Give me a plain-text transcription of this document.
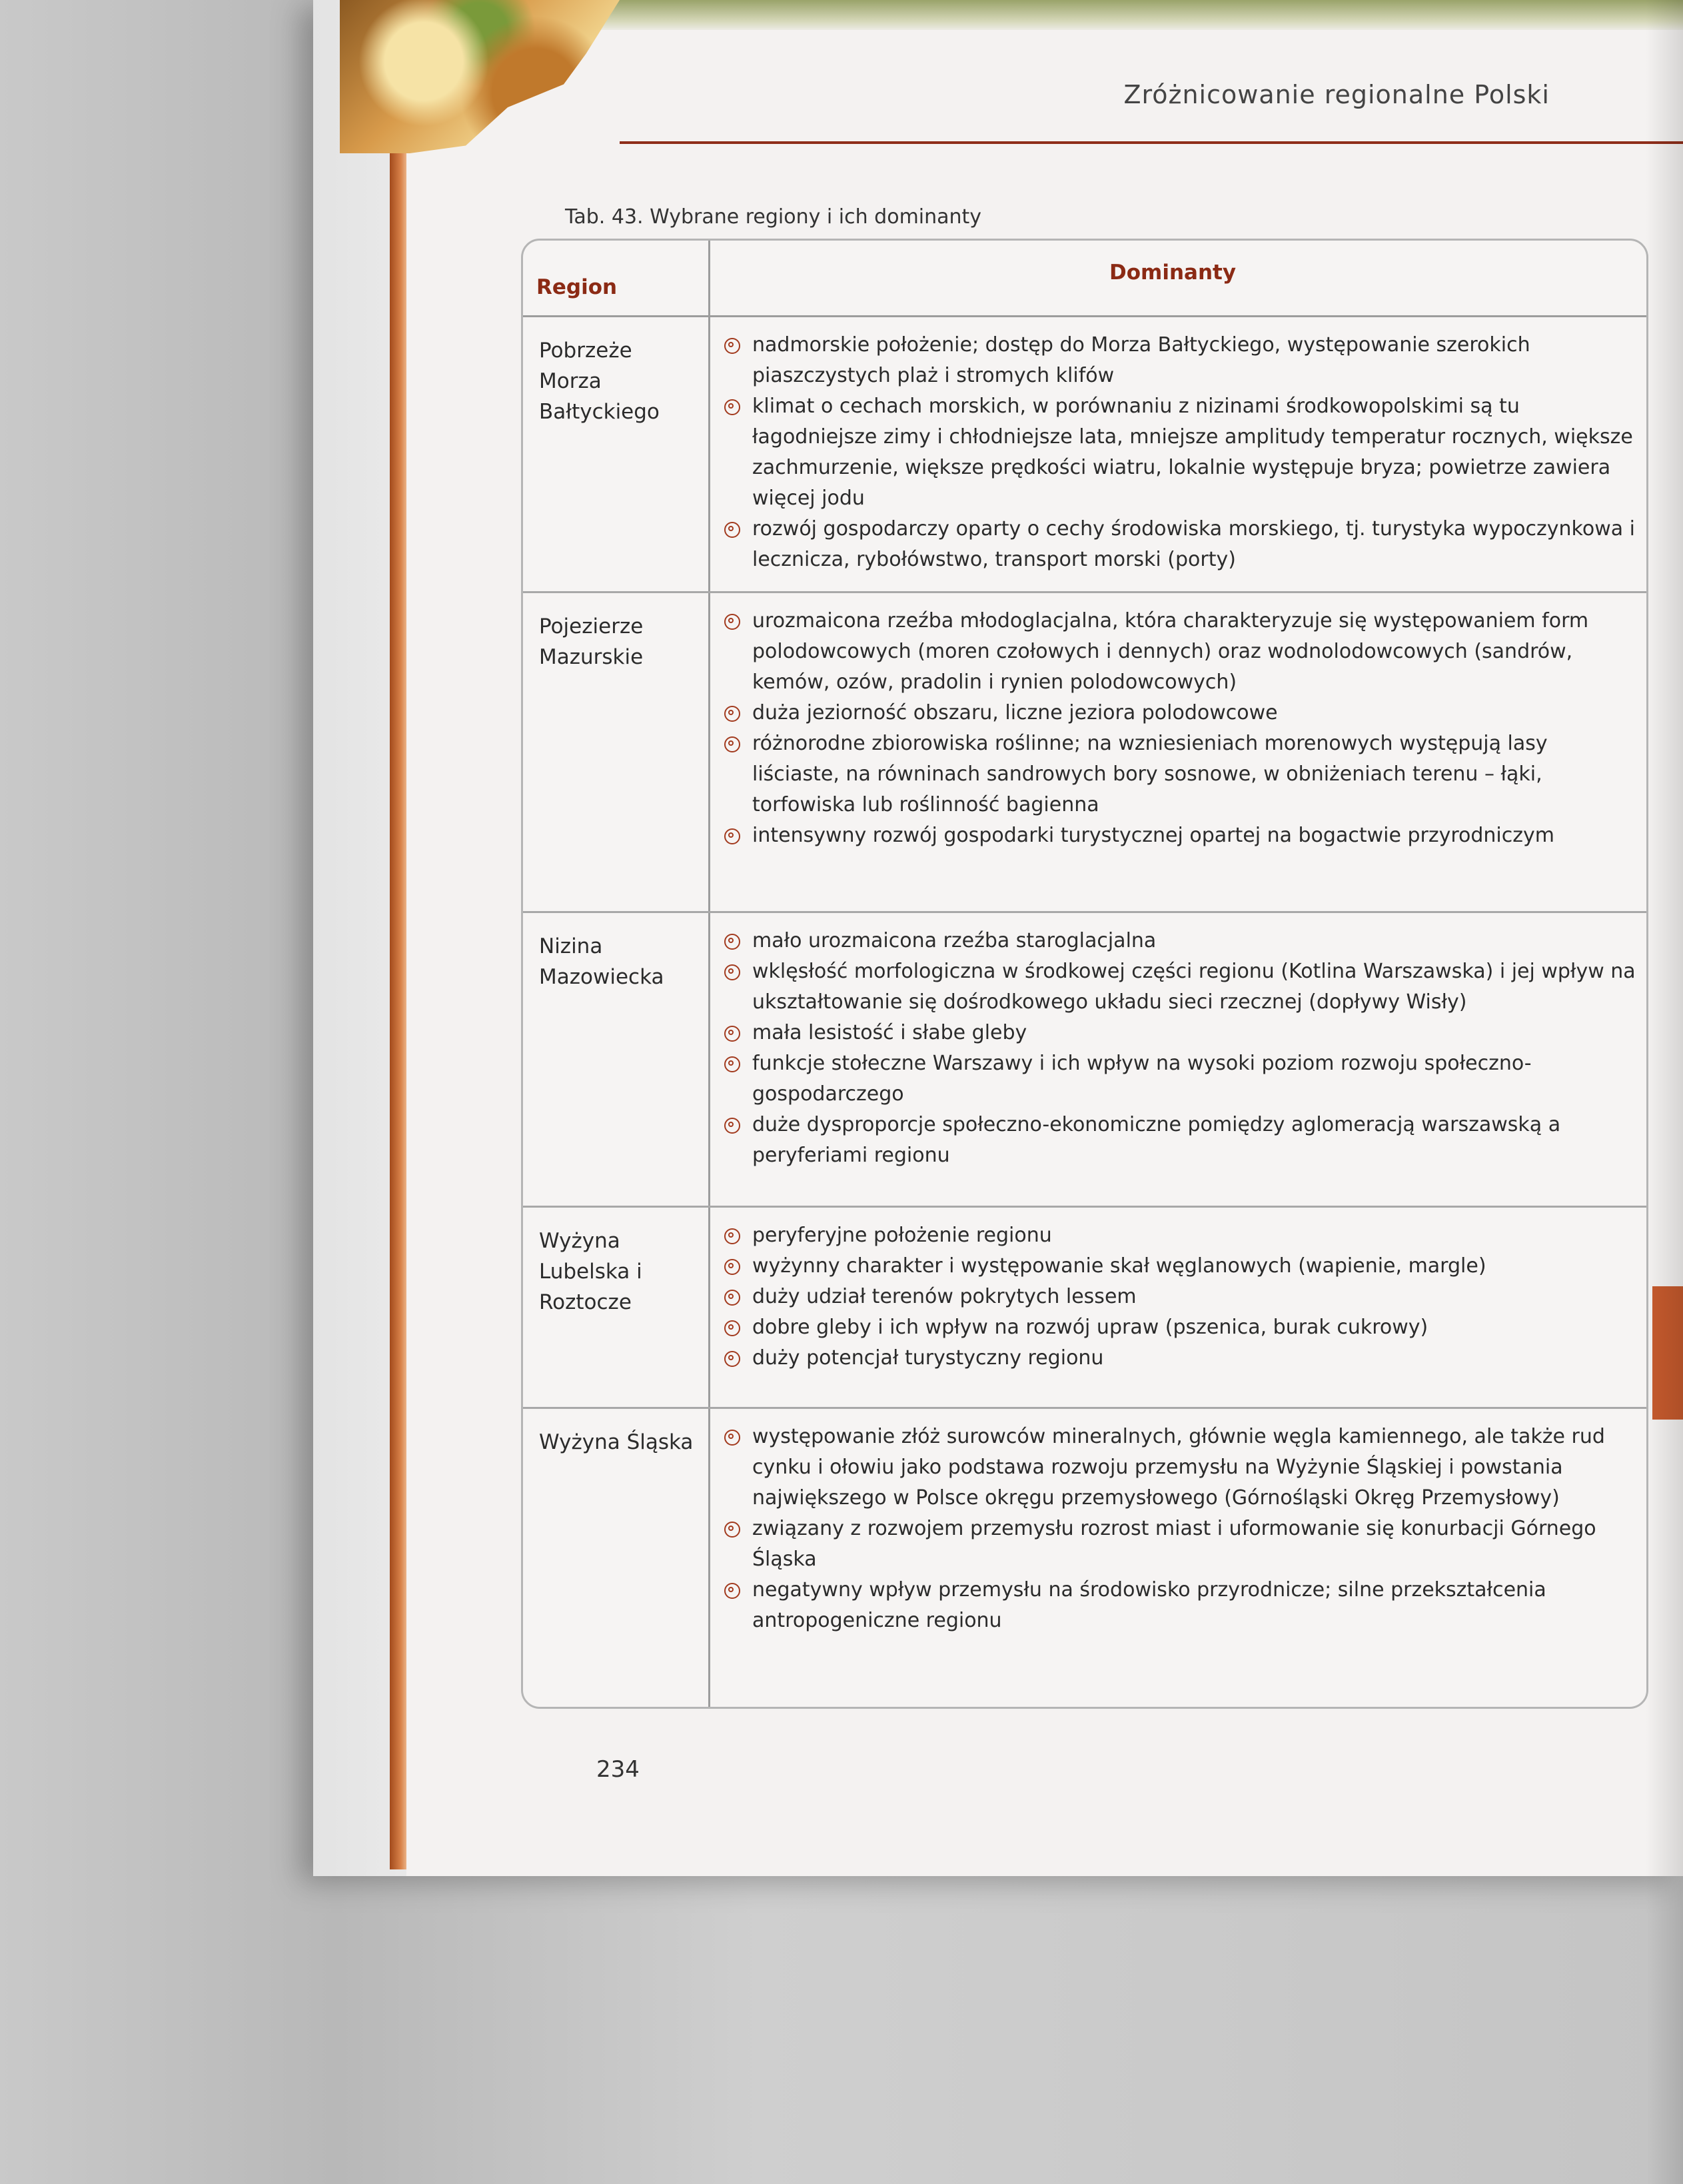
Zróżnicowanie regionalne Polski
Tab. 43. Wybrane regiony i ich dominanty
Region
Dominanty
Pobrzeże Morza Bałtyckiego
nadmorskie położenie; dostęp do Morza Bałtyckiego, występowanie szerokich piaszczystych plaż i stromych klifów
klimat o cechach morskich, w porównaniu z nizinami środkowopolskimi są tu łagodniejsze zimy i chłodniejsze lata, mniejsze amplitudy temperatur rocznych, większe zachmurzenie, większe prędkości wiatru, lokalnie występuje bryza; powietrze zawiera więcej jodu
rozwój gospodarczy oparty o cechy środowiska morskiego, tj. turystyka wypoczynkowa i lecznicza, rybołówstwo, transport morski (porty)
Pojezierze Mazurskie
urozmaicona rzeźba młodoglacjalna, która charakteryzuje się występowaniem form polodowcowych (moren czołowych i dennych) oraz wodnolodowcowych (sandrów, kemów, ozów, pradolin i rynien polodowcowych)
duża jeziorność obszaru, liczne jeziora polodowcowe
różnorodne zbiorowiska roślinne; na wzniesieniach morenowych występują lasy liściaste, na równinach sandrowych bory sosnowe, w obniżeniach terenu – łąki, torfowiska lub roślinność bagienna
intensywny rozwój gospodarki turystycznej opartej na bogactwie przyrodniczym
Nizina Mazowiecka
mało urozmaicona rzeźba staroglacjalna
wklęsłość morfologiczna w środkowej części regionu (Kotlina Warszawska) i jej wpływ na ukształtowanie się dośrodkowego układu sieci rzecznej (dopływy Wisły)
mała lesistość i słabe gleby
funkcje stołeczne Warszawy i ich wpływ na wysoki poziom rozwoju społeczno-gospodarczego
duże dysproporcje społeczno-ekonomiczne pomiędzy aglomeracją warszawską a peryferiami regionu
Wyżyna Lubelska i Roztocze
peryferyjne położenie regionu
wyżynny charakter i występowanie skał węglanowych (wapienie, margle)
duży udział terenów pokrytych lessem
dobre gleby i ich wpływ na rozwój upraw (pszenica, burak cukrowy)
duży potencjał turystyczny regionu
Wyżyna Śląska	występowanie złóż surowców mineralnych, głównie węgla kamiennego, ale także rud cynku i ołowiu jako podstawa rozwoju przemysłu na Wyżynie Śląskiej i powstania największego w Polsce okręgu przemysłowego (Górnośląski Okręg Przemysłowy)
związany z rozwojem przemysłu rozrost miast i uformowanie się konurbacji Górnego Śląska
negatywny wpływ przemysłu na środowisko przyrodnicze; silne przekształcenia antropogeniczne regionu
234
